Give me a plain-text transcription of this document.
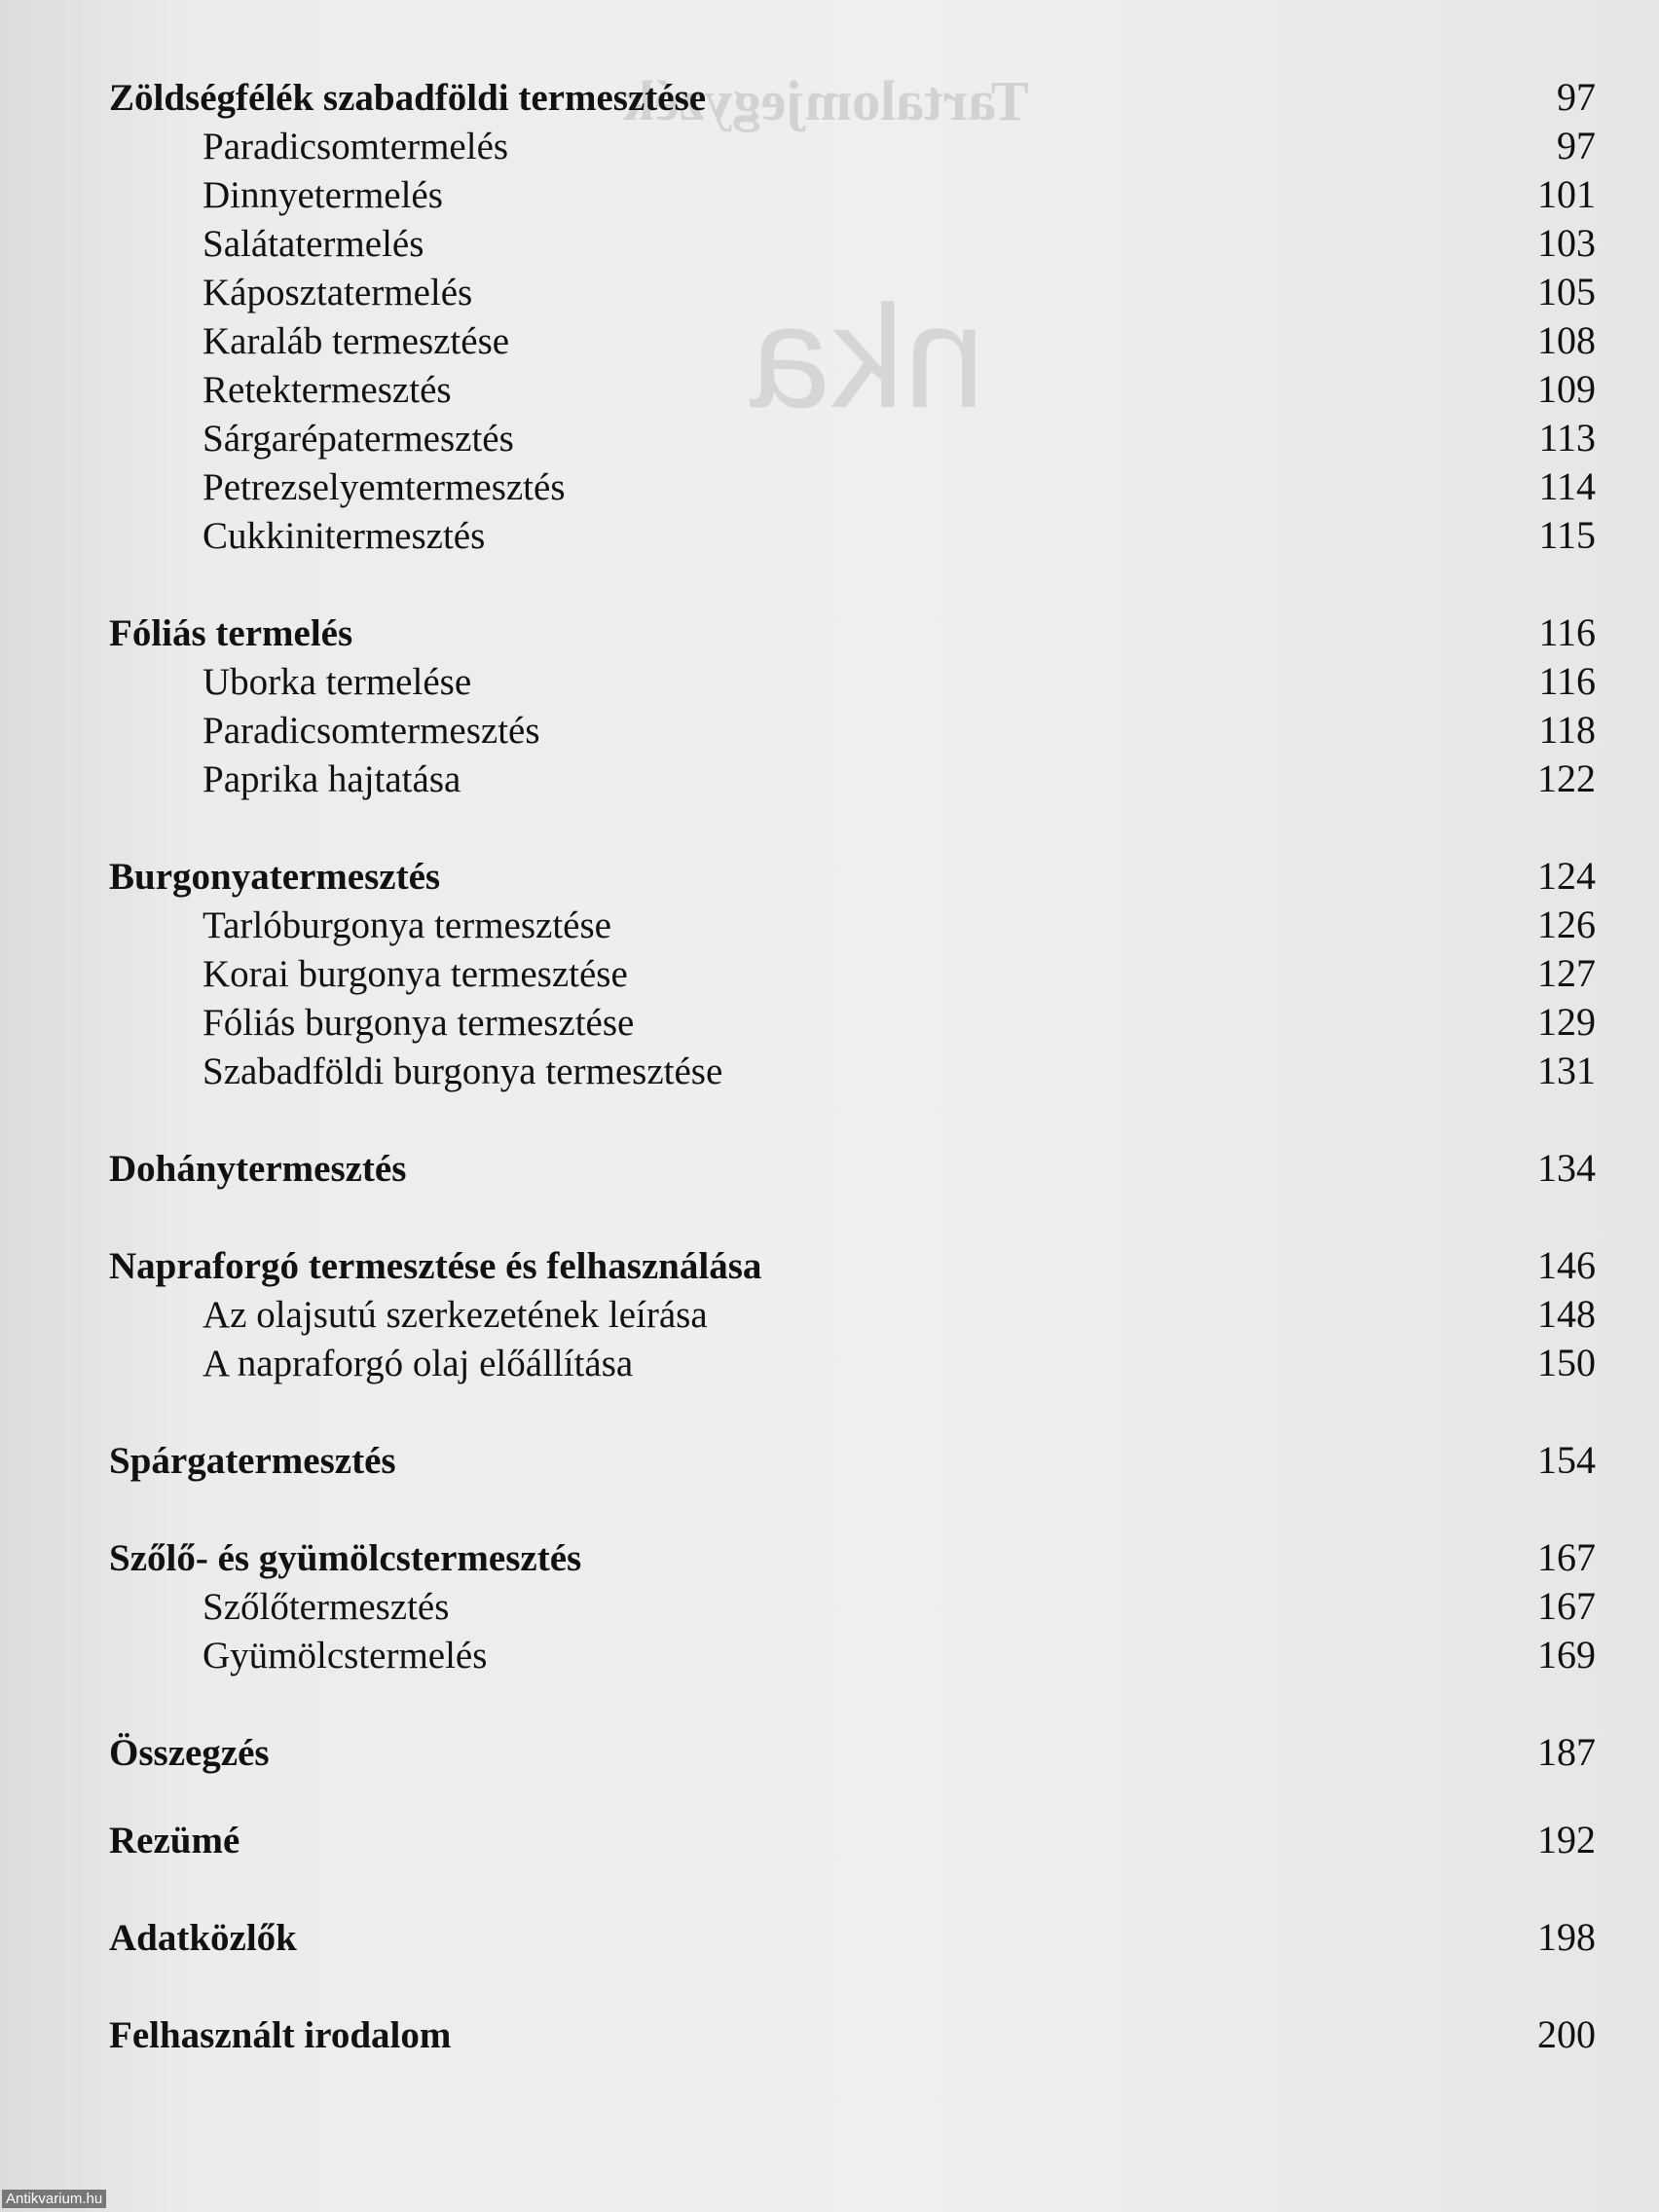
Tartalomjegyzék
nka
Zöldségfélék szabadföldi termesztése	97
Paradicsomtermelés	97
Dinnyetermelés	101
Salátatermelés	103
Káposztatermelés	105
Karaláb termesztése	108
Retektermesztés	109
Sárgarépatermesztés	113
Petrezselyemtermesztés	114
Cukkinitermesztés	115
Fóliás termelés	116
Uborka termelése	116
Paradicsomtermesztés	118
Paprika hajtatása	122
Burgonyatermesztés	124
Tarlóburgonya termesztése	126
Korai burgonya termesztése	127
Fóliás burgonya termesztése	129
Szabadföldi burgonya termesztése	131
Dohánytermesztés	134
Napraforgó termesztése és felhasználása	146
Az olajsutú szerkezetének leírása	148
A napraforgó olaj előállítása	150
Spárgatermesztés	154
Szőlő- és gyümölcstermesztés	167
Szőlőtermesztés	167
Gyümölcstermelés	169
Összegzés	187
Rezümé	192
Adatközlők	198
Felhasznált irodalom	200
Antikvarium.hu
